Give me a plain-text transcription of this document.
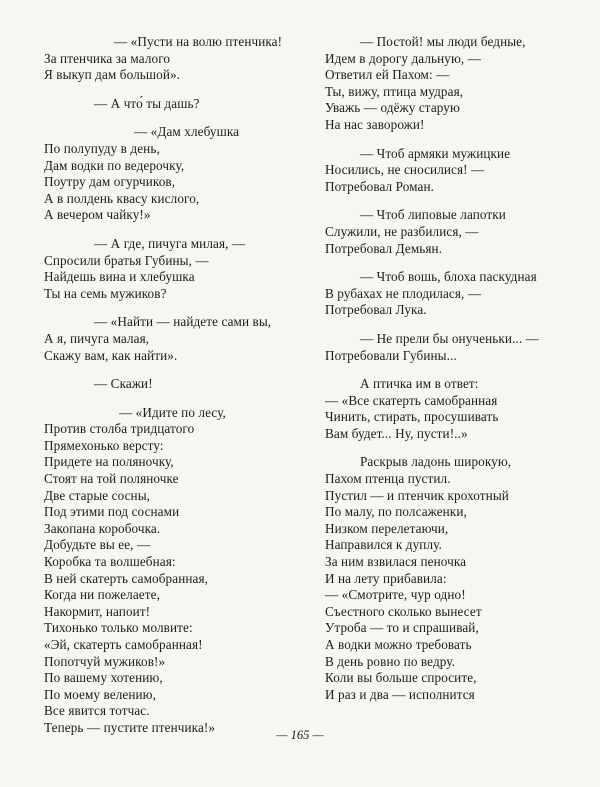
— «Пусти на волю птенчика!
За птенчика за малого
Я выкуп дам большой».
— А что́ ты дашь?
— «Дам хлебушка
По полупуду в день,
Дам водки по ведерочку,
Поутру дам огурчиков,
А в полдень квасу кислого,
А вечером чайку!»
— А где, пичуга милая, —
Спросили братья Губины, —
Найдешь вина и хлебушка
Ты на семь мужиков?
— «Найти — найдете сами вы,
А я, пичуга малая,
Скажу вам, как найти».
— Скажи!
— «Идите по лесу,
Против столба тридцатого
Прямехонько версту:
Придете на поляночку,
Стоят на той поляночке
Две старые сосны,
Под этими под соснами
Закопана коробочка.
Добудьте вы ее, —
Коробка та волшебная:
В ней скатерть самобранная,
Когда ни пожелаете,
Накормит, напоит!
Тихонько только молвите:
«Эй, скатерть самобранная!
Попотчуй мужиков!»
По вашему хотению,
По моему велению,
Все явится тотчас.
Теперь — пустите птенчика!»
— Постой! мы люди бедные,
Идем в дорогу дальную, —
Ответил ей Пахом: —
Ты, вижу, птица мудрая,
Уважь — одёжу старую
На нас заворожи!
— Чтоб армяки мужицкие
Носились, не сносилися! —
Потребовал Роман.
— Чтоб липовые лапотки
Служили, не разбилися, —
Потребовал Демьян.
— Чтоб вошь, блоха паскудная
В рубахах не плодилася, —
Потребовал Лука.
— Не прели бы онученьки... —
Потребовали Губины...
А птичка им в ответ:
— «Все скатерть самобранная
Чинить, стирать, просушивать
Вам будет... Ну, пусти!..»
Раскрыв ладонь широкую,
Пахом птенца пустил.
Пустил — и птенчик крохотный
По малу, по полсаженки,
Низком перелетаючи,
Направился к дуплу.
За ним взвилася пеночка
И на лету прибавила:
— «Смотрите, чур одно!
Съестного сколько вынесет
Утроба — то и спрашивай,
А водки можно требовать
В день ровно по ведру.
Коли вы больше спросите,
И раз и два — исполнится
— 165 —
